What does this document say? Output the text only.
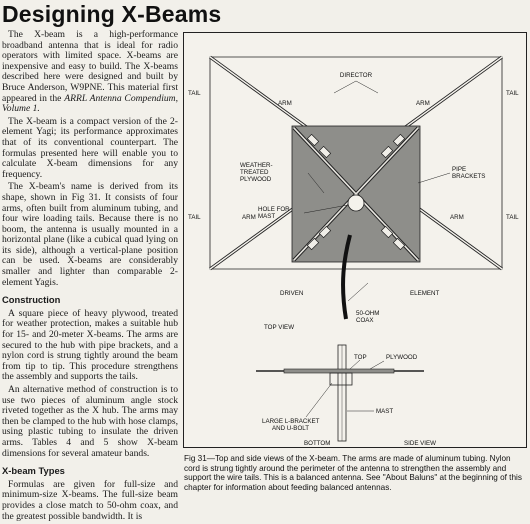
Designing X-Beams

The X-beam is a high-performance broadband antenna that is ideal for radio operators with limited space. X-beams are inexpensive and easy to build. The X-beams described here were designed and built by Bruce Anderson, W9PNE. This material first appeared in the ARRL Antenna Compendium, Volume 1.

The X-beam is a compact version of the 2-element Yagi; its performance approximates that of its conventional counterpart. The formulas presented here will enable you to calculate X-beam dimensions for any frequency.

The X-beam's name is derived from its shape, shown in Fig 31. It consists of four arms, often built from aluminum tubing, and four wire loading tails. Because there is no boom, the antenna is usually mounted in a horizontal plane (like a cubical quad lying on its side), although a vertical-plane position can be used. X-beams are considerably smaller and lighter than comparable 2-element Yagis.

Construction

A square piece of heavy plywood, treated for weather protection, makes a suitable hub for 15- and 20-meter X-beams. The arms are secured to the hub with pipe brackets, and a nylon cord is strung tightly around the beam from tip to tip. This procedure strengthens the assembly and supports the tails.

An alternative method of construction is to use two pieces of aluminum angle stock riveted together as the X hub. The arms may then be clamped to the hub with hose clamps, using plastic tubing to insulate the driven arms. Tables 4 and 5 show X-beam dimensions for several amateur bands.

X-beam Types

Formulas are given for full-size and minimum-size X-beams. The full-size beam provides a close match to 50-ohm coax, and the greatest possible bandwidth. It is

DIRECTOR
ARM	ARM
TAIL	TAIL
TAIL	TAIL
ARM	ARM
WEATHER-
TREATED
PLYWOOD
HOLE FOR
MAST
PIPE
BRACKETS
DRIVEN	ELEMENT
50-OHM
COAX
TOP VIEW
TOP	PLYWOOD
LARGE L-BRACKET
AND U-BOLT
MAST
BOTTOM	SIDE VIEW
Fig 31—Top and side views of the X-beam. The arms are made of aluminum tubing. Nylon cord is strung tightly around the perimeter of the antenna to strengthen the assembly and support the wire tails. This is a balanced antenna. See "About Baluns" at the beginning of this chapter for information about feeding balanced antennas.
